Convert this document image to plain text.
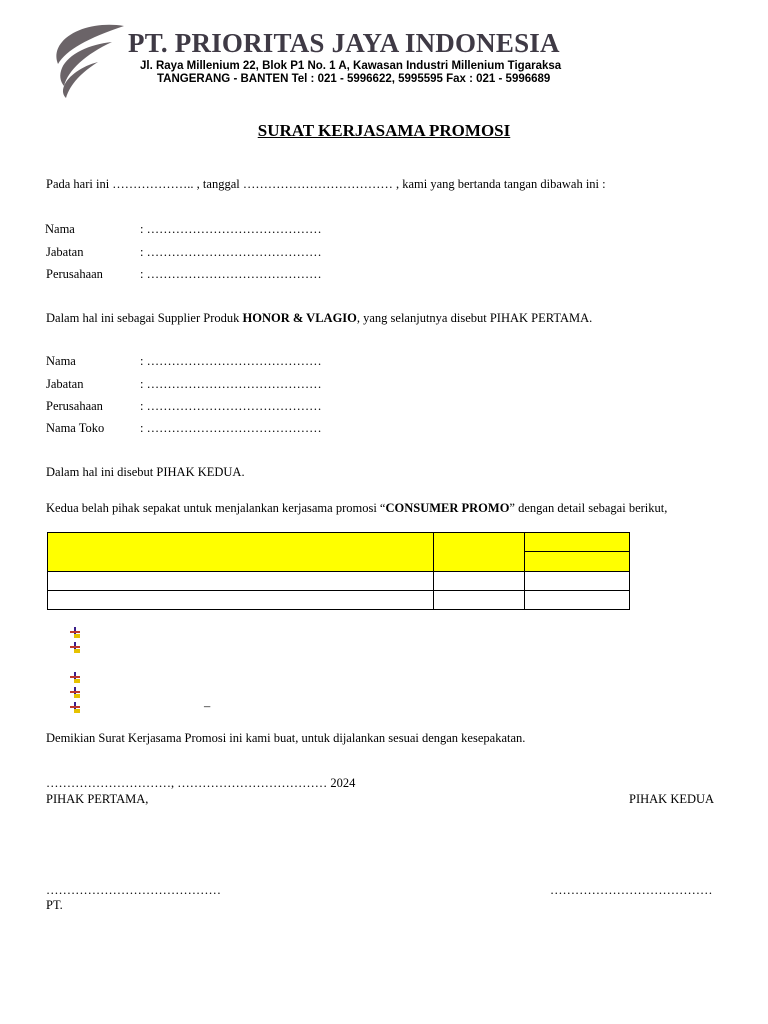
PT. PRIORITAS JAYA INDONESIA
Jl. Raya Millenium 22, Blok P1 No. 1 A, Kawasan Industri Millenium Tigaraksa
TANGERANG - BANTEN Tel : 021 - 5996622, 5995595 Fax : 021 - 5996689
SURAT KERJASAMA PROMOSI
Pada hari ini ……………….. , tanggal ……………………………… , kami yang bertanda tangan dibawah ini :
Nama	: ……………………………………
Jabatan	: ……………………………………
Perusahaan	: ……………………………………
Dalam hal ini sebagai Supplier Produk HONOR & VLAGIO, yang selanjutnya disebut PIHAK PERTAMA.
Nama	: ……………………………………
Jabatan	: ……………………………………
Perusahaan	: ……………………………………
Nama Toko	: ……………………………………
Dalam hal ini disebut PIHAK KEDUA.
Kedua belah pihak sepakat untuk menjalankan kerjasama promosi “CONSUMER PROMO” dengan detail sebagai berikut,

–
Demikian Surat Kerjasama Promosi ini kami buat, untuk dijalankan sesuai dengan kesepakatan.
…………………………, ……………………………… 2024
PIHAK PERTAMA,	PIHAK KEDUA
……………………………………	…………………………………
PT.
